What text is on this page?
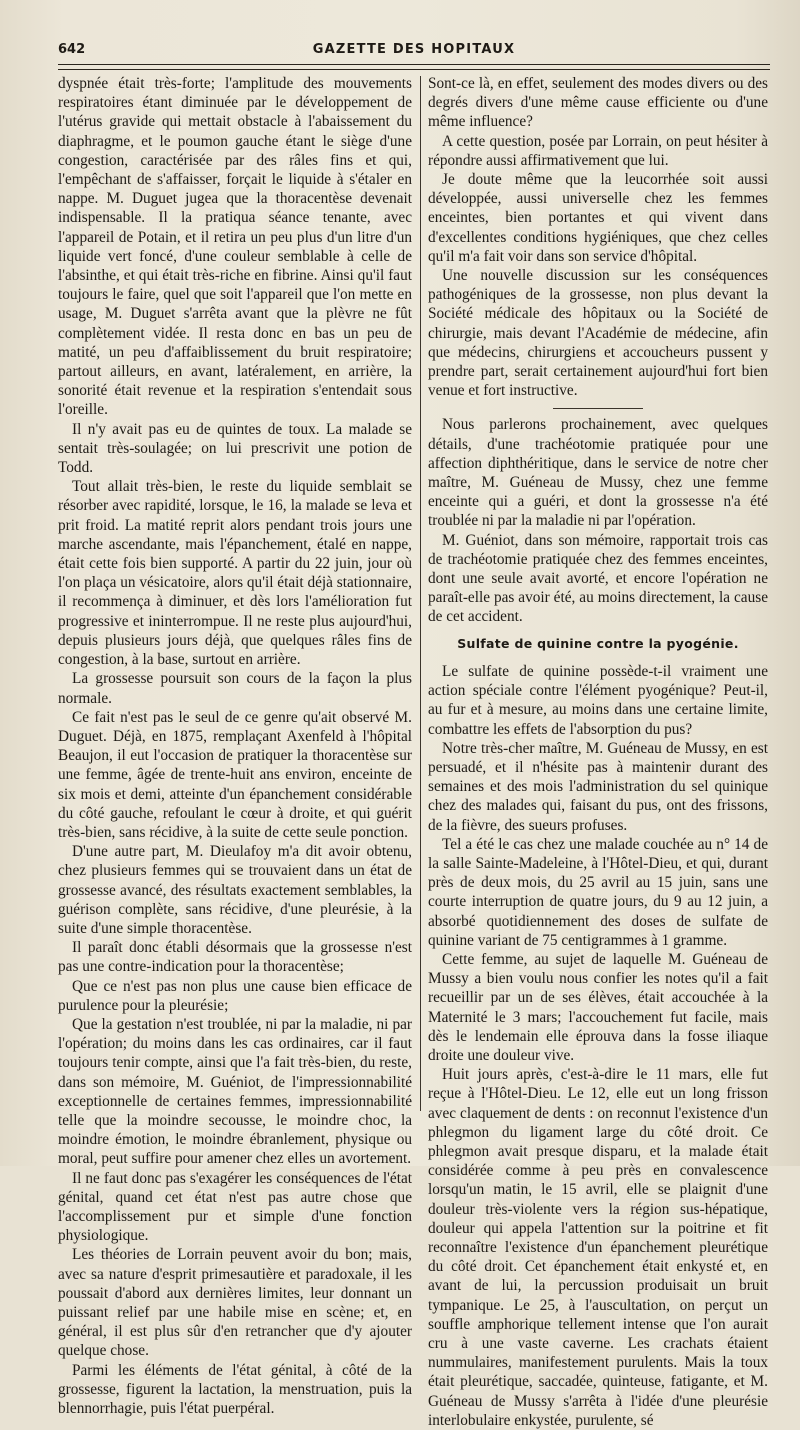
642	GAZETTE DES HOPITAUX

dyspnée était très-forte; l'amplitude des mouvements respiratoires étant diminuée par le développement de l'utérus gravide qui mettait obstacle à l'abaissement du diaphragme, et le poumon gauche étant le siège d'une congestion, caractérisée par des râles fins et qui, l'empêchant de s'affaisser, forçait le liquide à s'étaler en nappe. M. Duguet jugea que la thoracentèse devenait indispensable. Il la pratiqua séance tenante, avec l'appareil de Potain, et il retira un peu plus d'un litre d'un liquide vert foncé, d'une couleur semblable à celle de l'absinthe, et qui était très-riche en fibrine. Ainsi qu'il faut toujours le faire, quel que soit l'appareil que l'on mette en usage, M. Duguet s'arrêta avant que la plèvre ne fût complètement vidée. Il resta donc en bas un peu de matité, un peu d'affaiblissement du bruit respiratoire; partout ailleurs, en avant, latéralement, en arrière, la sonorité était revenue et la respiration s'entendait sous l'oreille.

Il n'y avait pas eu de quintes de toux. La malade se sentait très-soulagée; on lui prescrivit une potion de Todd.

Tout allait très-bien, le reste du liquide semblait se résorber avec rapidité, lorsque, le 16, la malade se leva et prit froid. La matité reprit alors pendant trois jours une marche ascendante, mais l'épanchement, étalé en nappe, était cette fois bien supporté. A partir du 22 juin, jour où l'on plaça un vésicatoire, alors qu'il était déjà stationnaire, il recommença à diminuer, et dès lors l'amélioration fut progressive et ininterrompue. Il ne reste plus aujourd'hui, depuis plusieurs jours déjà, que quelques râles fins de congestion, à la base, surtout en arrière.

La grossesse poursuit son cours de la façon la plus normale.

Ce fait n'est pas le seul de ce genre qu'ait observé M. Duguet. Déjà, en 1875, remplaçant Axenfeld à l'hôpital Beaujon, il eut l'occasion de pratiquer la thoracentèse sur une femme, âgée de trente-huit ans environ, enceinte de six mois et demi, atteinte d'un épanchement considérable du côté gauche, refoulant le cœur à droite, et qui guérit très-bien, sans récidive, à la suite de cette seule ponction.

D'une autre part, M. Dieulafoy m'a dit avoir obtenu, chez plusieurs femmes qui se trouvaient dans un état de grossesse avancé, des résultats exactement semblables, la guérison complète, sans récidive, d'une pleurésie, à la suite d'une simple thoracentèse.

Il paraît donc établi désormais que la grossesse n'est pas une contre-indication pour la thoracentèse;

Que ce n'est pas non plus une cause bien efficace de purulence pour la pleurésie;

Que la gestation n'est troublée, ni par la maladie, ni par l'opération; du moins dans les cas ordinaires, car il faut toujours tenir compte, ainsi que l'a fait très-bien, du reste, dans son mémoire, M. Guéniot, de l'impressionnabilité exceptionnelle de certaines femmes, impressionnabilité telle que la moindre secousse, le moindre choc, la moindre émotion, le moindre ébranlement, physique ou moral, peut suffire pour amener chez elles un avortement.

Il ne faut donc pas s'exagérer les conséquences de l'état génital, quand cet état n'est pas autre chose que l'accomplissement pur et simple d'une fonction physiologique.

Les théories de Lorrain peuvent avoir du bon; mais, avec sa nature d'esprit primesautière et paradoxale, il les poussait d'abord aux dernières limites, leur donnant un puissant relief par une habile mise en scène; et, en général, il est plus sûr d'en retrancher que d'y ajouter quelque chose.

Parmi les éléments de l'état génital, à côté de la grossesse, figurent la lactation, la menstruation, puis la blennorrhagie, puis l'état puerpéral.

Sont-ce là, en effet, seulement des modes divers ou des degrés divers d'une même cause efficiente ou d'une même influence?

A cette question, posée par Lorrain, on peut hésiter à répondre aussi affirmativement que lui.

Je doute même que la leucorrhée soit aussi développée, aussi universelle chez les femmes enceintes, bien portantes et qui vivent dans d'excellentes conditions hygiéniques, que chez celles qu'il m'a fait voir dans son service d'hôpital.

Une nouvelle discussion sur les conséquences pathogéniques de la grossesse, non plus devant la Société médicale des hôpitaux ou la Société de chirurgie, mais devant l'Académie de médecine, afin que médecins, chirurgiens et accoucheurs pussent y prendre part, serait certainement aujourd'hui fort bien venue et fort instructive.

Nous parlerons prochainement, avec quelques détails, d'une trachéotomie pratiquée pour une affection diphthéritique, dans le service de notre cher maître, M. Guéneau de Mussy, chez une femme enceinte qui a guéri, et dont la grossesse n'a été troublée ni par la maladie ni par l'opération.

M. Guéniot, dans son mémoire, rapportait trois cas de trachéotomie pratiquée chez des femmes enceintes, dont une seule avait avorté, et encore l'opération ne paraît-elle pas avoir été, au moins directement, la cause de cet accident.

Sulfate de quinine contre la pyogénie.

Le sulfate de quinine possède-t-il vraiment une action spéciale contre l'élément pyogénique? Peut-il, au fur et à mesure, au moins dans une certaine limite, combattre les effets de l'absorption du pus?

Notre très-cher maître, M. Guéneau de Mussy, en est persuadé, et il n'hésite pas à maintenir durant des semaines et des mois l'administration du sel quinique chez des malades qui, faisant du pus, ont des frissons, de la fièvre, des sueurs profuses.

Tel a été le cas chez une malade couchée au n° 14 de la salle Sainte-Madeleine, à l'Hôtel-Dieu, et qui, durant près de deux mois, du 25 avril au 15 juin, sans une courte interruption de quatre jours, du 9 au 12 juin, a absorbé quotidiennement des doses de sulfate de quinine variant de 75 centigrammes à 1 gramme.

Cette femme, au sujet de laquelle M. Guéneau de Mussy a bien voulu nous confier les notes qu'il a fait recueillir par un de ses élèves, était accouchée à la Maternité le 3 mars; l'accouchement fut facile, mais dès le lendemain elle éprouva dans la fosse iliaque droite une douleur vive.

Huit jours après, c'est-à-dire le 11 mars, elle fut reçue à l'Hôtel-Dieu. Le 12, elle eut un long frisson avec claquement de dents : on reconnut l'existence d'un phlegmon du ligament large du côté droit. Ce phlegmon avait presque disparu, et la malade était considérée comme à peu près en convalescence lorsqu'un matin, le 15 avril, elle se plaignit d'une douleur très-violente vers la région sus-hépatique, douleur qui appela l'attention sur la poitrine et fit reconnaître l'existence d'un épanchement pleurétique du côté droit. Cet épanchement était enkysté et, en avant de lui, la percussion produisait un bruit tympanique. Le 25, à l'auscultation, on perçut un souffle amphorique tellement intense que l'on aurait cru à une vaste caverne. Les crachats étaient nummulaires, manifestement purulents. Mais la toux était pleurétique, saccadée, quinteuse, fatigante, et M. Guéneau de Mussy s'arrêta à l'idée d'une pleurésie interlobulaire enkystée, purulente, sé
